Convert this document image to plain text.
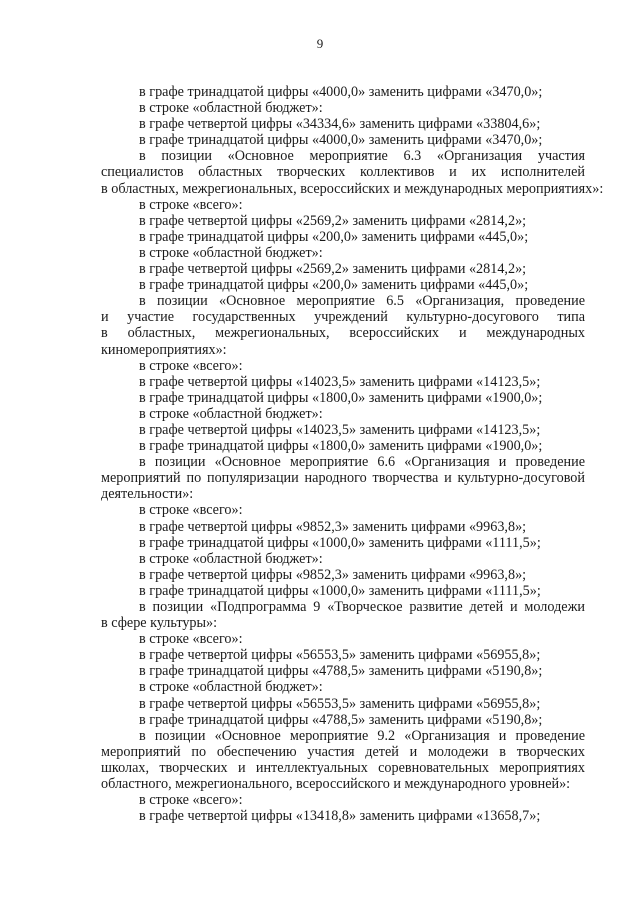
9
в графе тринадцатой цифры «4000,0» заменить цифрами «3470,0»;
в строке «областной бюджет»:
в графе четвертой цифры «34334,6» заменить цифрами «33804,6»;
в графе тринадцатой цифры «4000,0» заменить цифрами «3470,0»;
в позиции «Основное мероприятие 6.3 «Организация участия
специалистов областных творческих коллективов и их исполнителей
в областных, межрегиональных, всероссийских и международных мероприятиях»:
в строке «всего»:
в графе четвертой цифры «2569,2» заменить цифрами «2814,2»;
в графе тринадцатой цифры «200,0» заменить цифрами «445,0»;
в строке «областной бюджет»:
в графе четвертой цифры «2569,2» заменить цифрами «2814,2»;
в графе тринадцатой цифры «200,0» заменить цифрами «445,0»;
в позиции «Основное мероприятие 6.5 «Организация, проведение
и участие государственных учреждений культурно-досугового типа
в областных, межрегиональных, всероссийских и международных
киномероприятиях»:
в строке «всего»:
в графе четвертой цифры «14023,5» заменить цифрами «14123,5»;
в графе тринадцатой цифры «1800,0» заменить цифрами «1900,0»;
в строке «областной бюджет»:
в графе четвертой цифры «14023,5» заменить цифрами «14123,5»;
в графе тринадцатой цифры «1800,0» заменить цифрами «1900,0»;
в позиции «Основное мероприятие 6.6 «Организация и проведение
мероприятий по популяризации народного творчества и культурно-досуговой
деятельности»:
в строке «всего»:
в графе четвертой цифры «9852,3» заменить цифрами «9963,8»;
в графе тринадцатой цифры «1000,0» заменить цифрами «1111,5»;
в строке «областной бюджет»:
в графе четвертой цифры «9852,3» заменить цифрами «9963,8»;
в графе тринадцатой цифры «1000,0» заменить цифрами «1111,5»;
в позиции «Подпрограмма 9 «Творческое развитие детей и молодежи
в сфере культуры»:
в строке «всего»:
в графе четвертой цифры «56553,5» заменить цифрами «56955,8»;
в графе тринадцатой цифры «4788,5» заменить цифрами «5190,8»;
в строке «областной бюджет»:
в графе четвертой цифры «56553,5» заменить цифрами «56955,8»;
в графе тринадцатой цифры «4788,5» заменить цифрами «5190,8»;
в позиции «Основное мероприятие 9.2 «Организация и проведение
мероприятий по обеспечению участия детей и молодежи в творческих
школах, творческих и интеллектуальных соревновательных мероприятиях
областного, межрегионального, всероссийского и международного уровней»:
в строке «всего»:
в графе четвертой цифры «13418,8» заменить цифрами «13658,7»;
